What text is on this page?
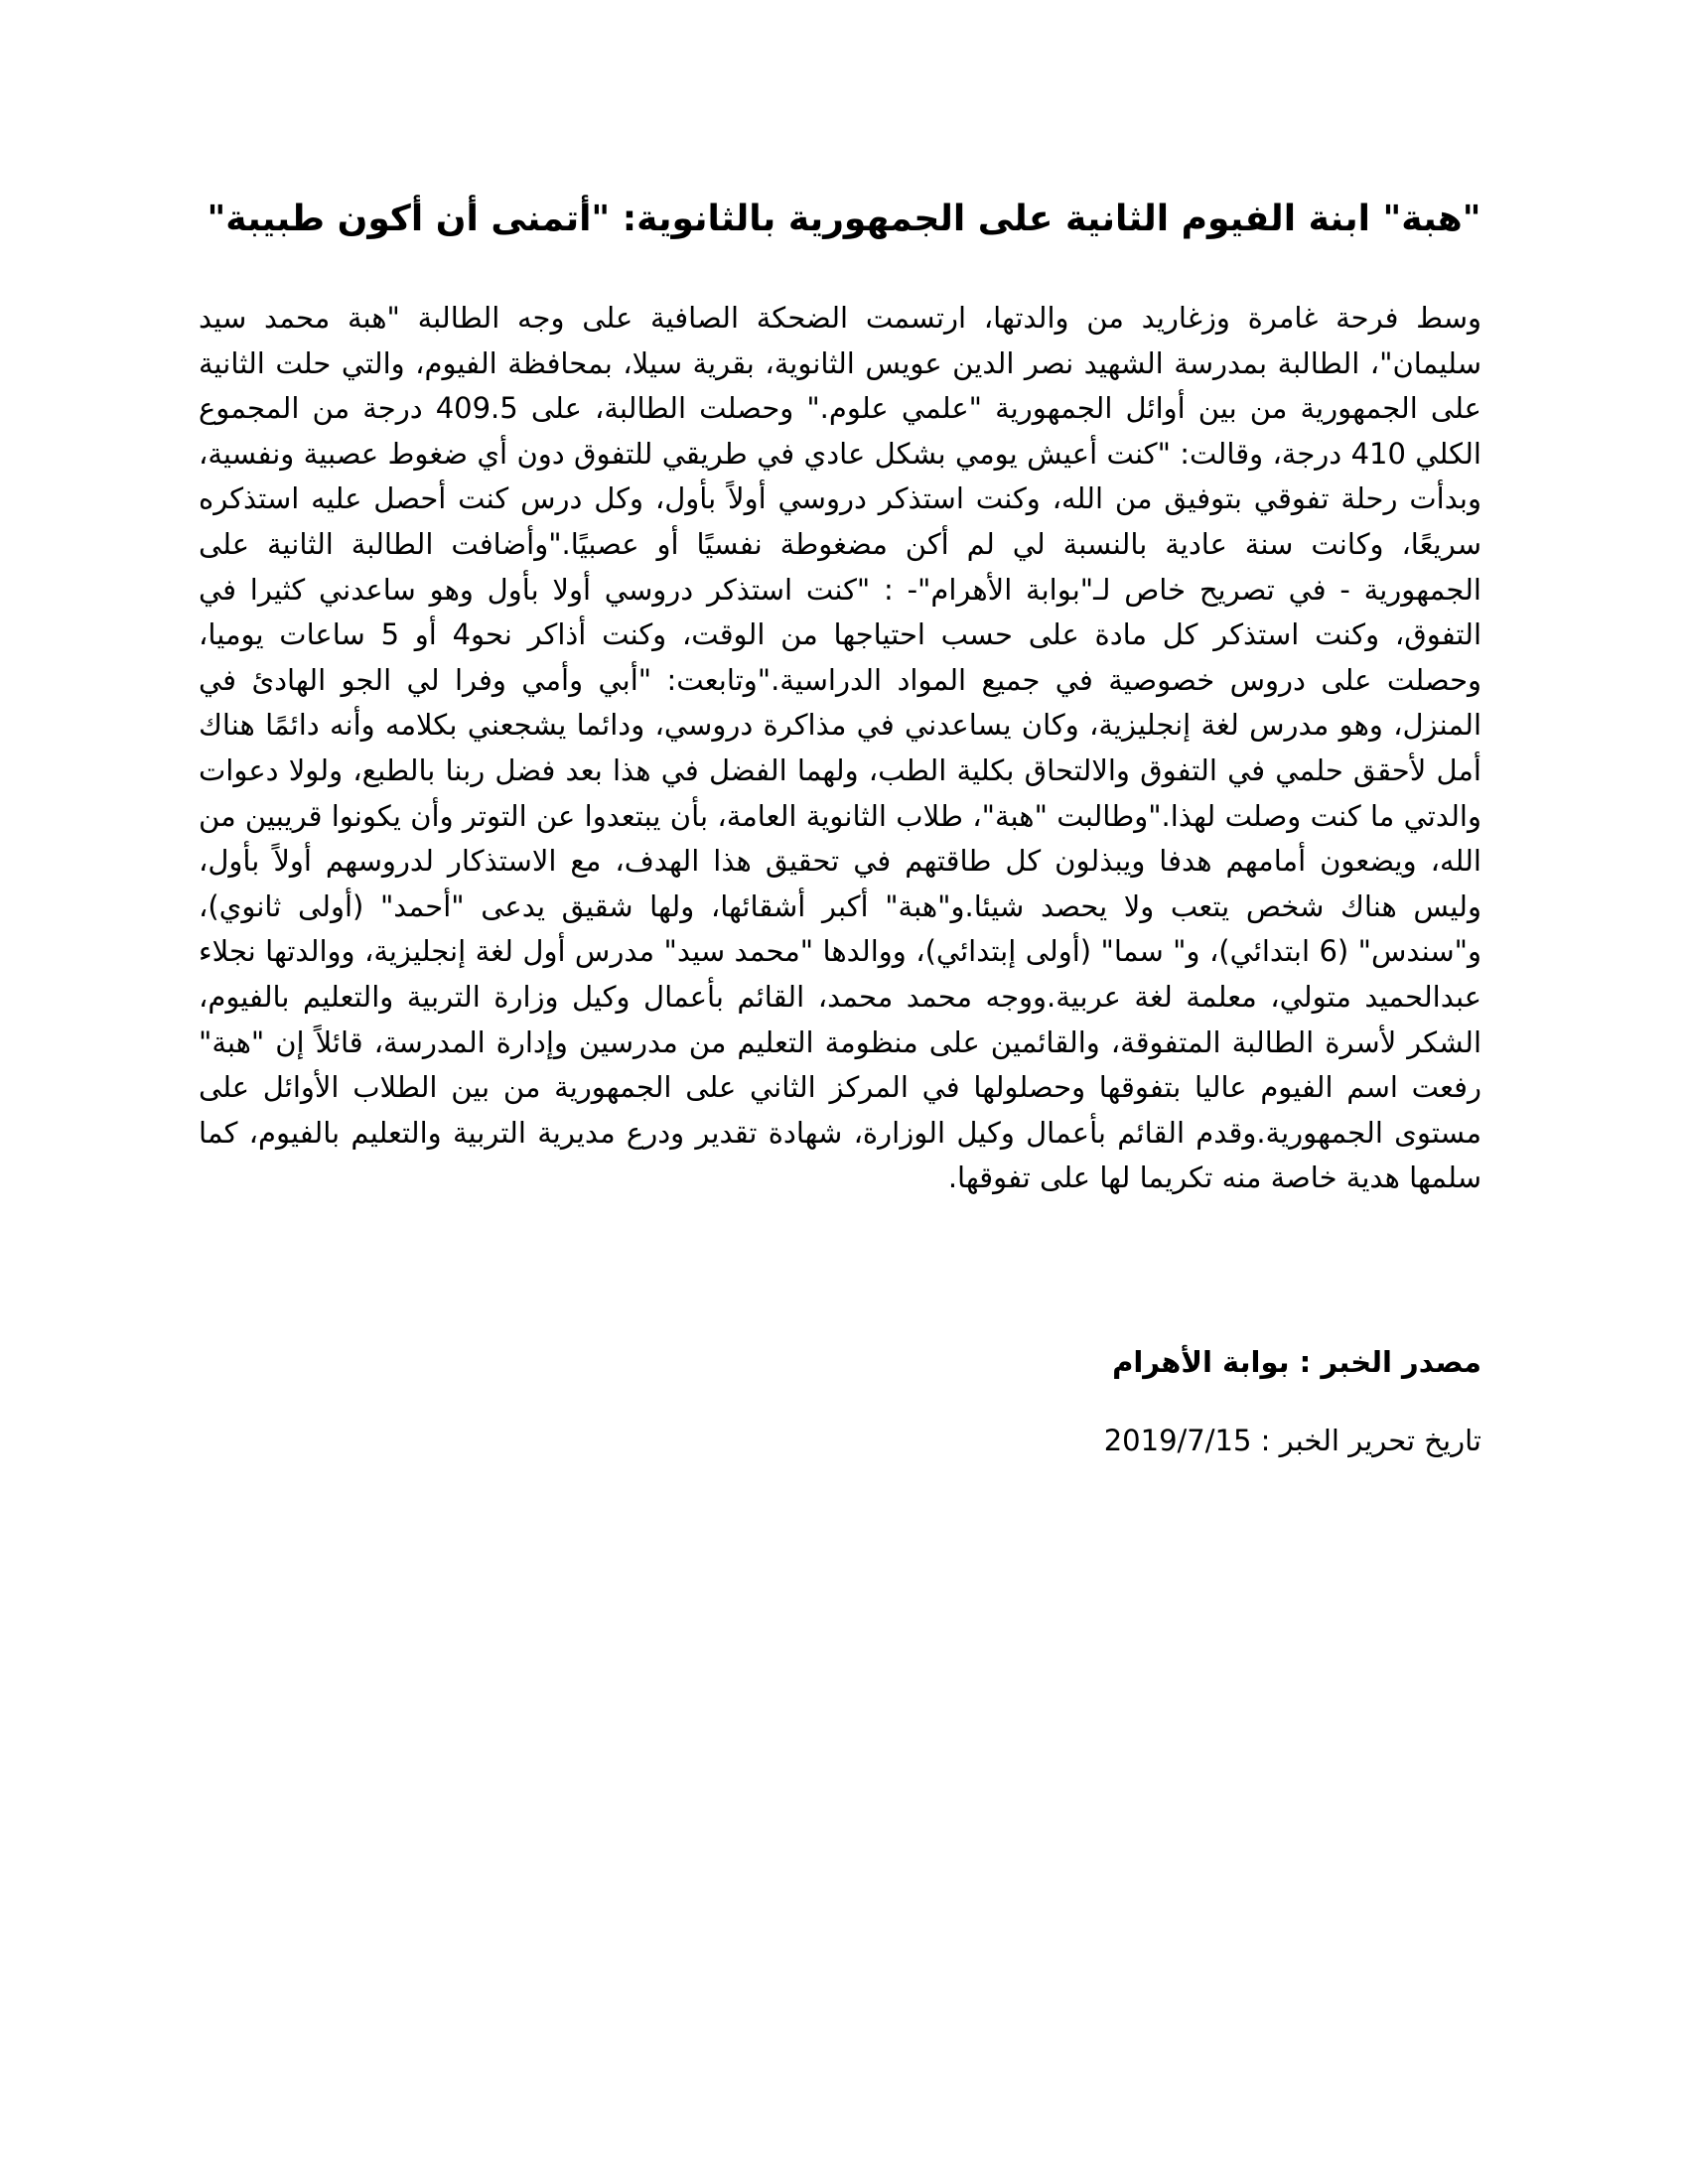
"هبة" ابنة الفيوم الثانية على الجمهورية بالثانوية: "أتمنى أن أكون طبيبة"

وسط فرحة غامرة وزغاريد من والدتها، ارتسمت الضحكة الصافية على وجه الطالبة "هبة محمد سيد سليمان"، الطالبة بمدرسة الشهيد نصر الدين عويس الثانوية، بقرية سيلا، بمحافظة الفيوم، والتي حلت الثانية على الجمهورية من بين أوائل الجمهورية "علمي علوم." وحصلت الطالبة، على 409.5 درجة من المجموع الكلي 410 درجة، وقالت: "كنت أعيش يومي بشكل عادي في طريقي للتفوق دون أي ضغوط عصبية ونفسية، وبدأت رحلة تفوقي بتوفيق من الله، وكنت استذكر دروسي أولاً بأول، وكل درس كنت أحصل عليه استذكره سريعًا، وكانت سنة عادية بالنسبة لي لم أكن مضغوطة نفسيًا أو عصبيًا."وأضافت الطالبة الثانية على الجمهورية - في تصريح خاص لـ"بوابة الأهرام"- : "كنت استذكر دروسي أولا بأول وهو ساعدني كثيرا في التفوق، وكنت استذكر كل مادة على حسب احتياجها من الوقت، وكنت أذاكر نحو4 أو 5 ساعات يوميا، وحصلت على دروس خصوصية في جميع المواد الدراسية."وتابعت: "أبي وأمي وفرا لي الجو الهادئ في المنزل، وهو مدرس لغة إنجليزية، وكان يساعدني في مذاكرة دروسي، ودائما يشجعني بكلامه وأنه دائمًا هناك أمل لأحقق حلمي في التفوق والالتحاق بكلية الطب، ولهما الفضل في هذا بعد فضل ربنا بالطبع، ولولا دعوات والدتي ما كنت وصلت لهذا."وطالبت "هبة"، طلاب الثانوية العامة، بأن يبتعدوا عن التوتر وأن يكونوا قريبين من الله، ويضعون أمامهم هدفا ويبذلون كل طاقتهم في تحقيق هذا الهدف، مع الاستذكار لدروسهم أولاً بأول، وليس هناك شخص يتعب ولا يحصد شيئا.و"هبة" أكبر أشقائها، ولها شقيق يدعى "أحمد" (أولى ثانوي)، و"سندس" (6 ابتدائي)، و" سما" (أولى إبتدائي)، ووالدها "محمد سيد" مدرس أول لغة إنجليزية، ووالدتها نجلاء عبدالحميد متولي، معلمة لغة عربية.ووجه محمد محمد، القائم بأعمال وكيل وزارة التربية والتعليم بالفيوم، الشكر لأسرة الطالبة المتفوقة، والقائمين على منظومة التعليم من مدرسين وإدارة المدرسة، قائلاً إن "هبة" رفعت اسم الفيوم عاليا بتفوقها وحصلولها في المركز الثاني على الجمهورية من بين الطلاب الأوائل على مستوى الجمهورية.وقدم القائم بأعمال وكيل الوزارة، شهادة تقدير ودرع مديرية التربية والتعليم بالفيوم، كما سلمها هدية خاصة منه تكريما لها على تفوقها.

مصدر الخبر : بوابة الأهرام

تاريخ تحرير الخبر : 2019/7/15
